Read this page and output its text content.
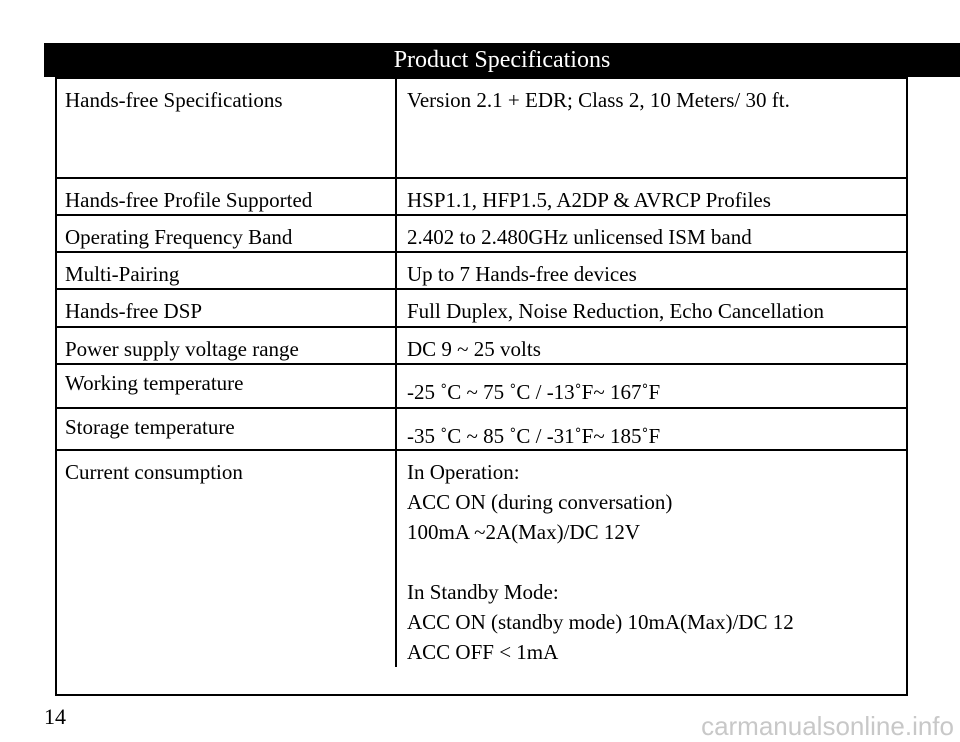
Product Specifications
Hands-free Specifications	Version 2.1 + EDR; Class 2, 10 Meters/ 30 ft.
Hands-free Profile Supported	HSP1.1, HFP1.5, A2DP & AVRCP Profiles
Operating Frequency Band	2.402 to 2.480GHz unlicensed ISM band
Multi-Pairing	Up to 7 Hands-free devices
Hands-free DSP	Full Duplex, Noise Reduction, Echo Cancellation
Power supply voltage range	DC 9 ~ 25 volts
Working temperature	-25 ˚C ~ 75 ˚C / -13˚F~ 167˚F
Storage temperature	-35 ˚C ~ 85 ˚C / -31˚F~ 185˚F
Current consumption	In Operation:
ACC ON (during conversation)
100mA ~2A(Max)/DC 12V
In Standby Mode:
ACC ON (standby mode) 10mA(Max)/DC 12
ACC OFF < 1mA
14	carmanualsonline.info
